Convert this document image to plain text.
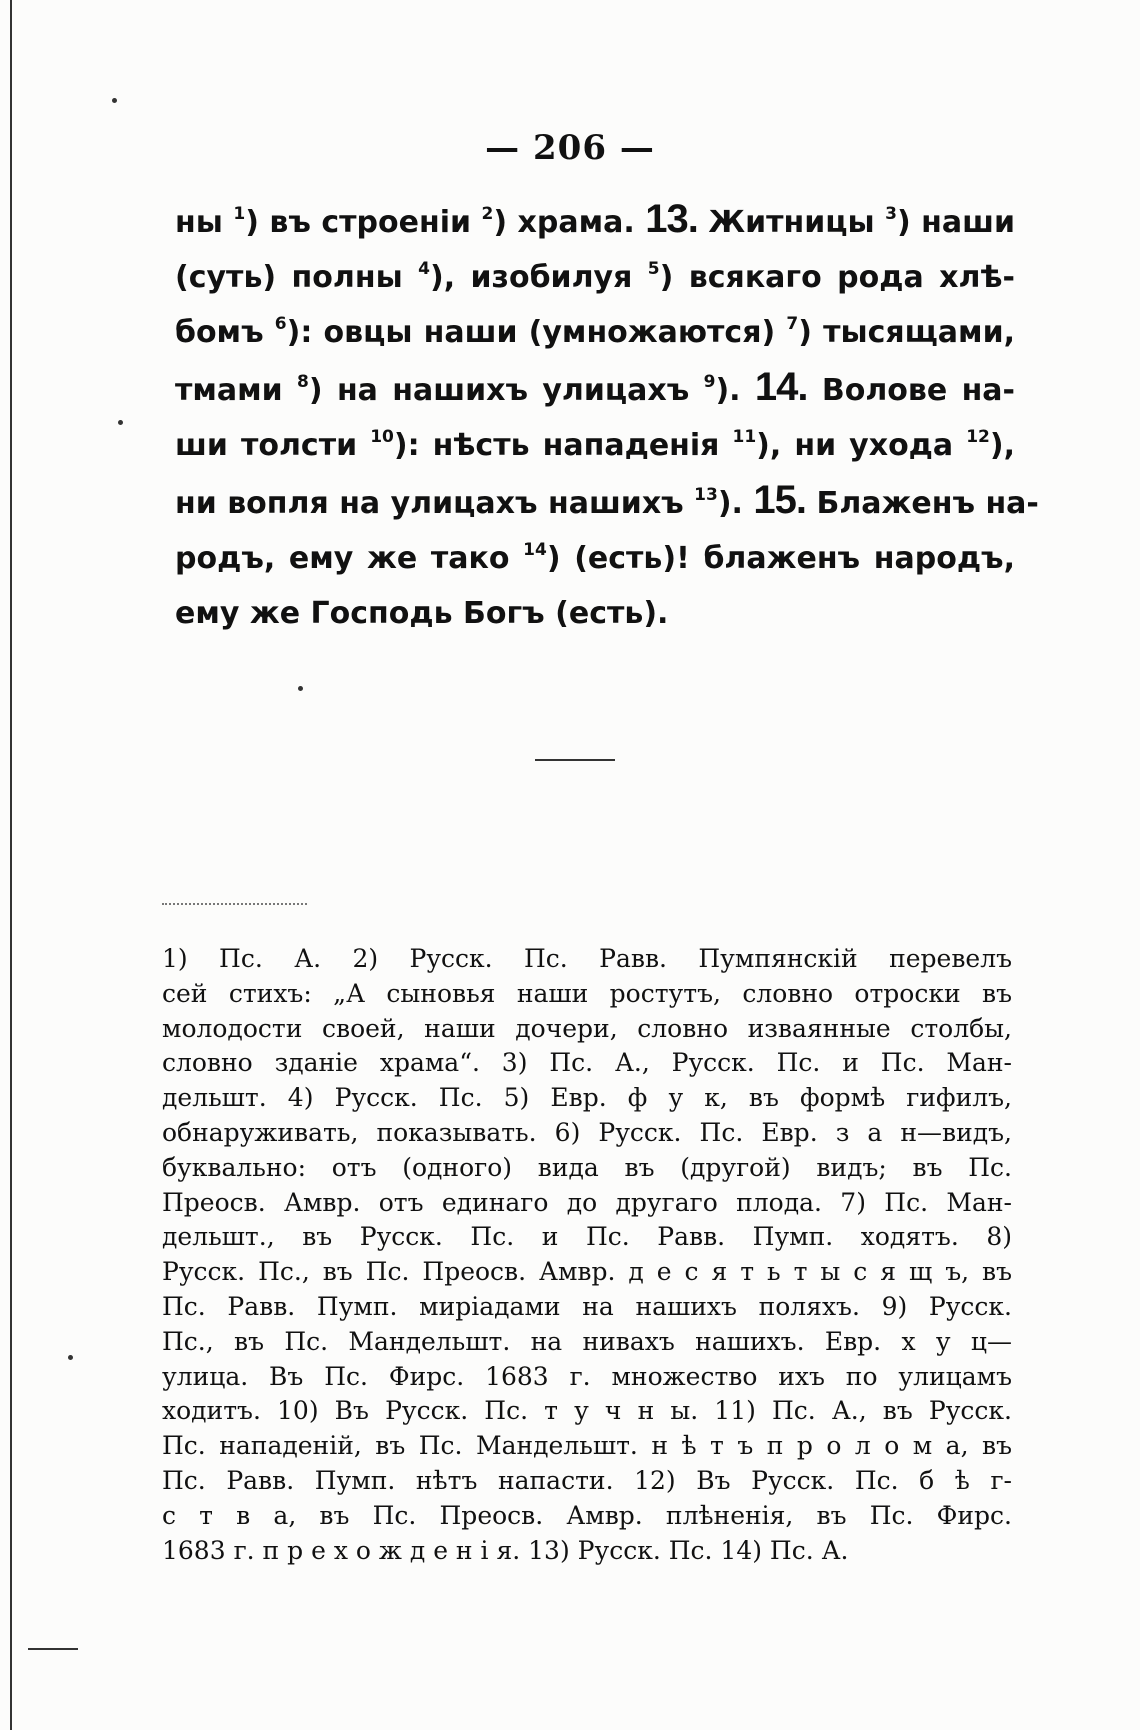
— 206 —
ны $^1$) въ строенiи $^2$) храма. 13. Житницы $^3$) наши
(суть) полны $^4$), изобилуя $^5$) всякаго рода хлѣ-
бомъ $^6$): овцы наши (умножаются) $^7$) тысящами,
тмами $^8$) на нашихъ улицахъ $^9$). 14. Волове на-
ши толсти $^{10}$): нѣсть нападенiя $^{11}$), ни уxода $^{12}$),
ни вопля на улицахъ нашихъ $^{13}$). 15. Блаженъ на-
родъ, ему же тако $^{14}$) (есть)! блаженъ народъ,
ему же Господь Богъ (есть).
1) Пс. А. 2) Русск. Пс. Равв. Пумпянскiй перевелъ
сей стихъ: „А сыновья наши ростутъ, словно отроски въ
молодости своей, наши дочери, словно изваянные столбы,
словно зданiе храма“. 3) Пс. А., Русск. Пс. и Пс. Ман-
дельшт. 4) Русск. Пс. 5) Евр. ф у к, въ формѣ гифилъ,
обнаруживать, показывать. 6) Русск. Пс. Евр. з а н—видъ,
буквально: отъ (одного) вида въ (другой) видъ; въ Пс.
Преосв. Амвр. отъ единаго до другаго плода. 7) Пс. Ман-
дельшт., въ Русск. Пс. и Пс. Равв. Пумп. ходятъ. 8)
Русск. Пс., въ Пс. Преосв. Амвр. д е с я т ь т ы с я щ ъ, въ
Пс. Равв. Пумп. мирiадами на нашихъ поляхъ. 9) Русск.
Пс., въ Пс. Мандельшт. на нивахъ нашихъ. Евр. х у ц—
улица. Въ Пс. Фирс. 1683 г. множество ихъ по улицамъ
ходитъ. 10) Въ Русск. Пс. т у ч н ы. 11) Пс. А., въ Русск.
Пс. нападенiй, въ Пс. Мандельшт. н ѣ т ъ п р о л о м а, въ
Пс. Равв. Пумп. нѣтъ напасти. 12) Въ Русск. Пс. б ѣ г-
с т в а, въ Пс. Преосв. Амвр. плѣненiя, въ Пс. Фирс.
1683 г. п р е х о ж д е н i я. 13) Русск. Пс. 14) Пс. А.
